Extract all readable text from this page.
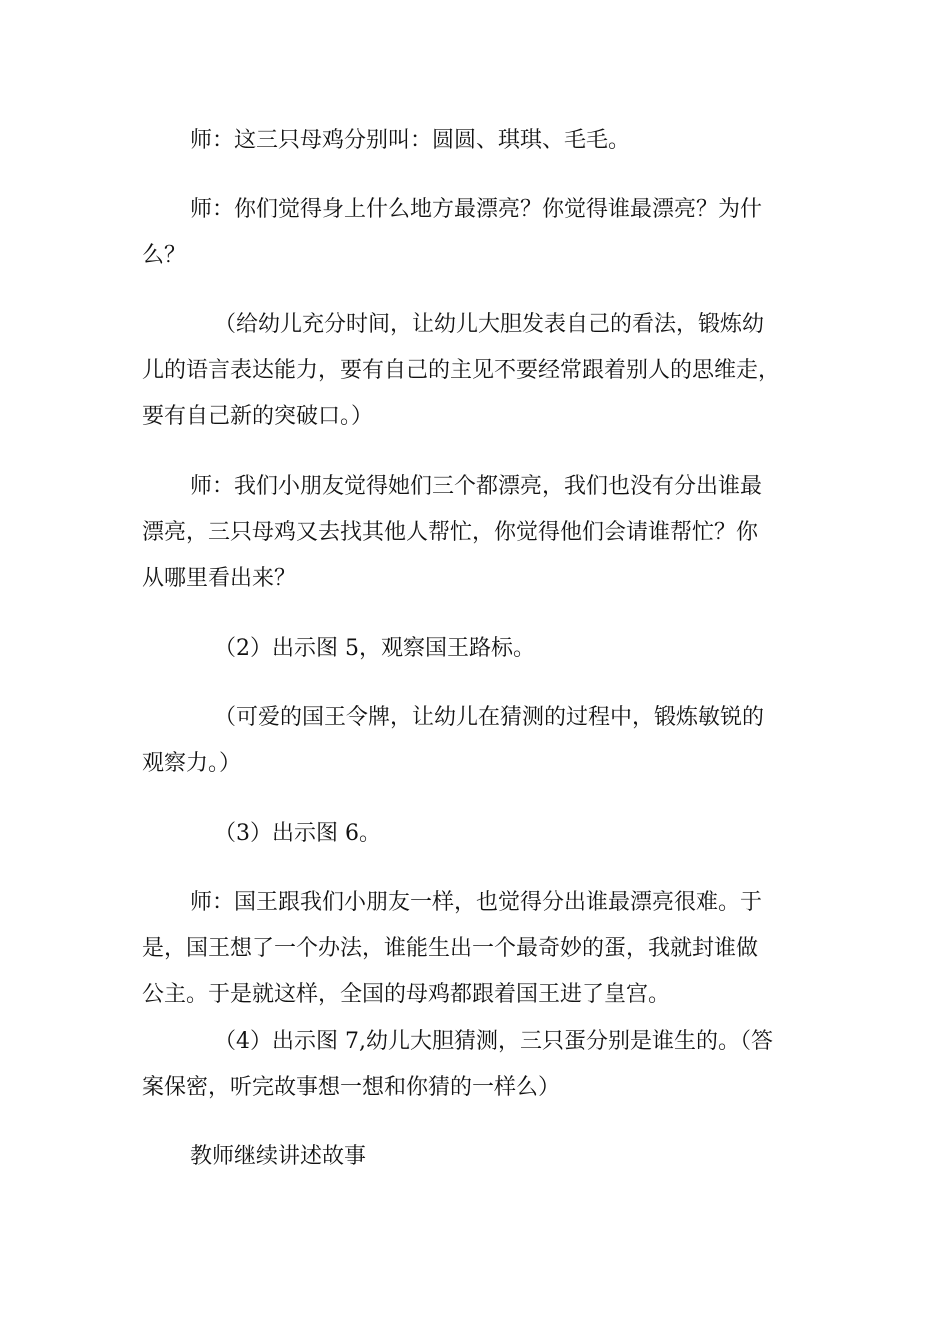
师：这三只母鸡分别叫：圆圆、琪琪、毛毛。

师：你们觉得身上什么地方最漂亮？你觉得谁最漂亮？为什
么？

（给幼儿充分时间，让幼儿大胆发表自己的看法，锻炼幼
儿的语言表达能力，要有自己的主见不要经常跟着别人的思维走，
要有自己新的突破口。）

师：我们小朋友觉得她们三个都漂亮，我们也没有分出谁最
漂亮，三只母鸡又去找其他人帮忙，你觉得他们会请谁帮忙？你
从哪里看出来？

（2）出示图 5，观察国王路标。

（可爱的国王令牌，让幼儿在猜测的过程中，锻炼敏锐的
观察力。）

（3）出示图 6。

师：国王跟我们小朋友一样，也觉得分出谁最漂亮很难。于
是，国王想了一个办法，谁能生出一个最奇妙的蛋，我就封谁做
公主。于是就这样，全国的母鸡都跟着国王进了皇宫。

（4）出示图 7,幼儿大胆猜测，三只蛋分别是谁生的。（答
案保密，听完故事想一想和你猜的一样么）

教师继续讲述故事
